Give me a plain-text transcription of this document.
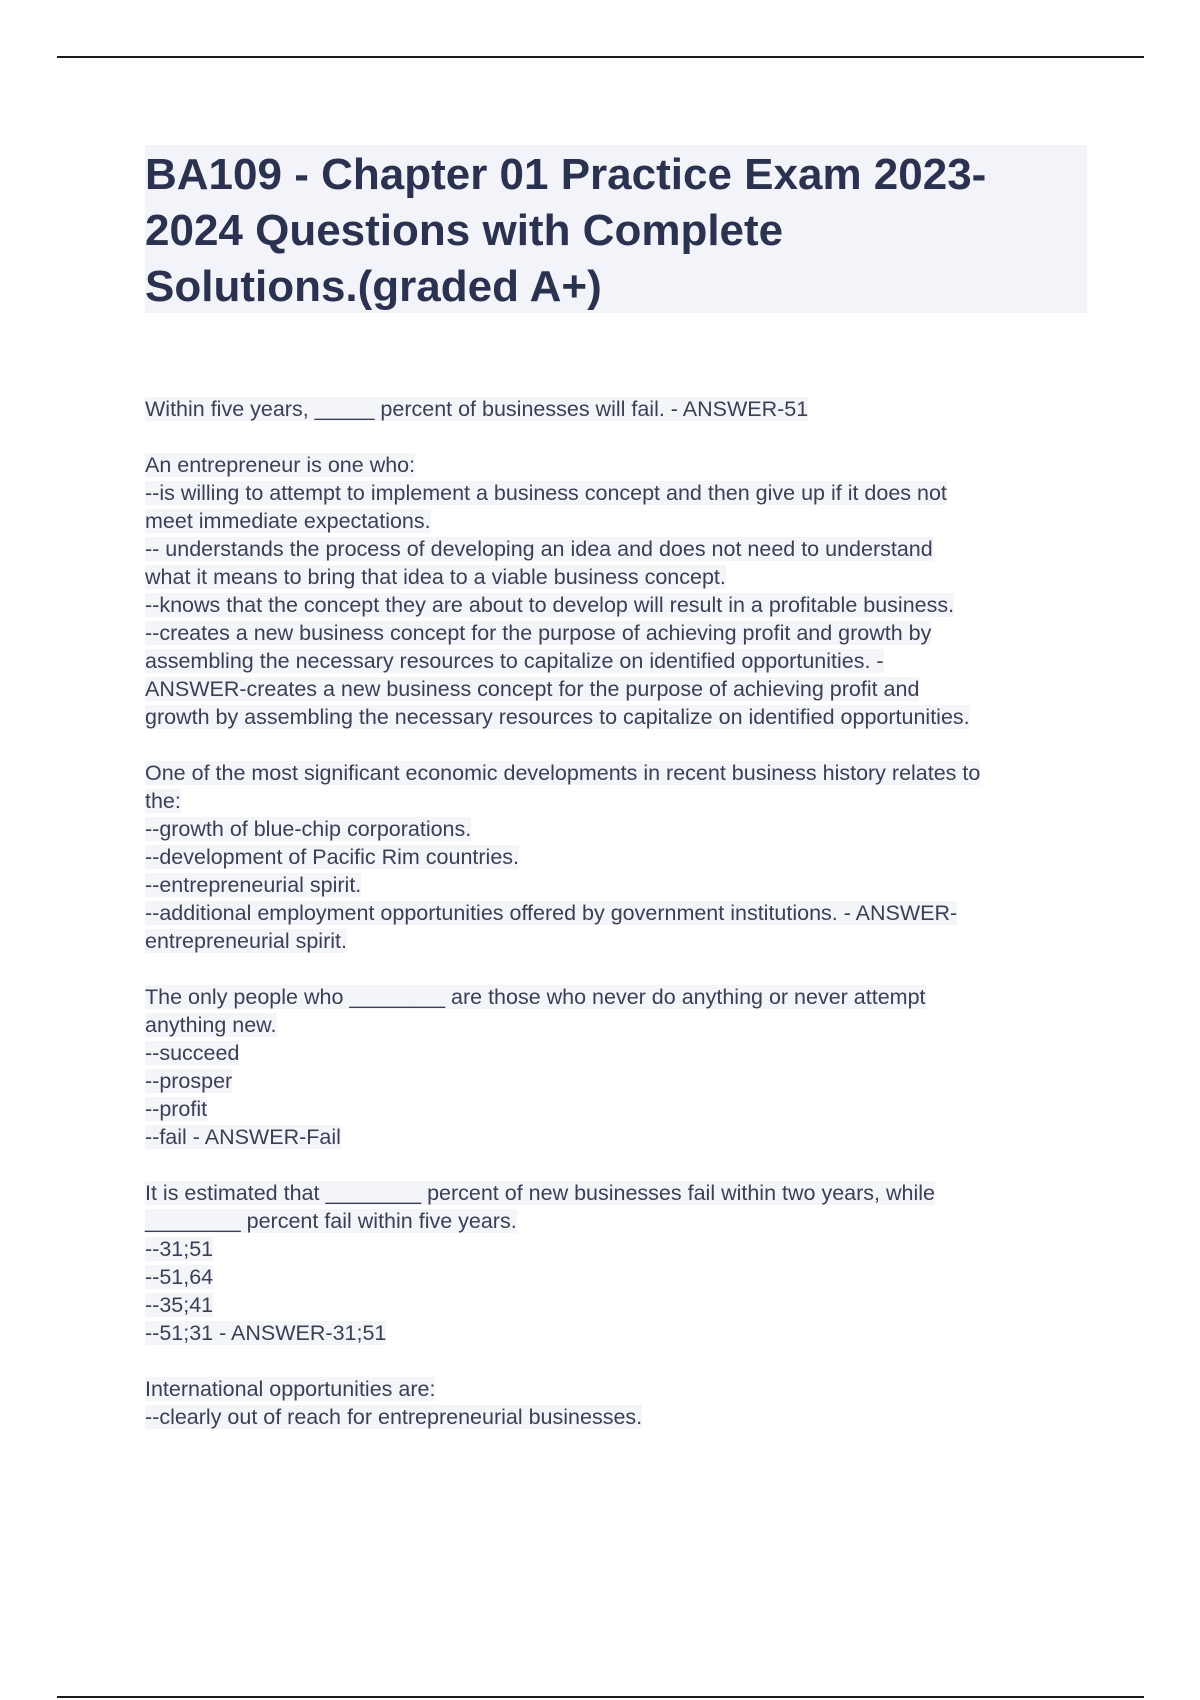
BA109 - Chapter 01 Practice Exam 2023-
2024 Questions with Complete
Solutions.(graded A+)
Within five years, _____ percent of businesses will fail. - ANSWER-51
An entrepreneur is one who:
--is willing to attempt to implement a business concept and then give up if it does not
meet immediate expectations.
-- understands the process of developing an idea and does not need to understand
what it means to bring that idea to a viable business concept.
--knows that the concept they are about to develop will result in a profitable business.
--creates a new business concept for the purpose of achieving profit and growth by
assembling the necessary resources to capitalize on identified opportunities. -
ANSWER-creates a new business concept for the purpose of achieving profit and
growth by assembling the necessary resources to capitalize on identified opportunities.
One of the most significant economic developments in recent business history relates to
the:
--growth of blue-chip corporations.
--development of Pacific Rim countries.
--entrepreneurial spirit.
--additional employment opportunities offered by government institutions. - ANSWER-
entrepreneurial spirit.
The only people who ________ are those who never do anything or never attempt
anything new.
--succeed
--prosper
--profit
--fail - ANSWER-Fail
It is estimated that ________ percent of new businesses fail within two years, while
________ percent fail within five years.
--31;51
--51,64
--35;41
--51;31 - ANSWER-31;51
International opportunities are:
--clearly out of reach for entrepreneurial businesses.
